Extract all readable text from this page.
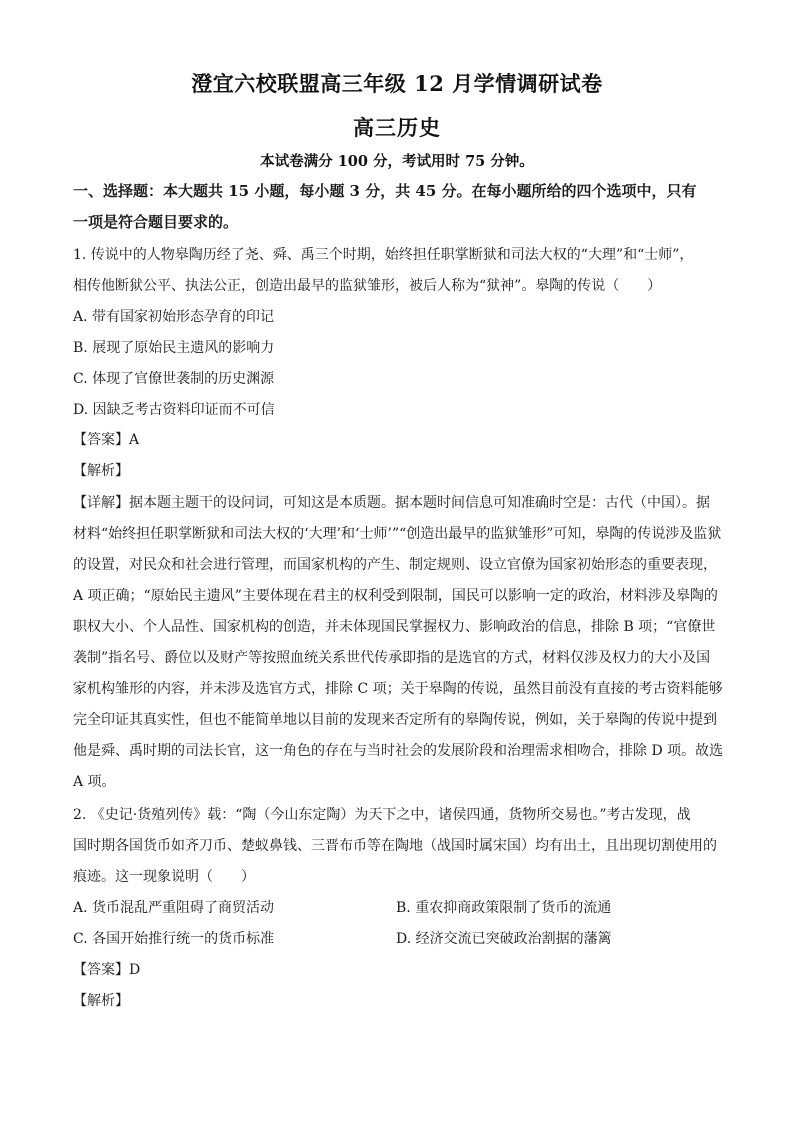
澄宜六校联盟高三年级 12 月学情调研试卷
高三历史
本试卷满分 100 分，考试用时 75 分钟。
一、选择题：本大题共 15 小题，每小题 3 分，共 45 分。在每小题所给的四个选项中，只有
一项是符合题目要求的。
1. 传说中的人物皋陶历经了尧、舜、禹三个时期，始终担任职掌断狱和司法大权的“大理”和“士师”，
相传他断狱公平、执法公正，创造出最早的监狱雏形，被后人称为“狱神”。皋陶的传说（　　）
A. 带有国家初始形态孕育的印记
B. 展现了原始民主遗风的影响力
C. 体现了官僚世袭制的历史渊源
D. 因缺乏考古资料印证而不可信
【答案】A
【解析】
【详解】据本题主题干的设问词，可知这是本质题。据本题时间信息可知准确时空是：古代（中国）。据
材料“始终担任职掌断狱和司法大权的‘大理’和‘士师’”“创造出最早的监狱雏形”可知，皋陶的传说涉及监狱
的设置，对民众和社会进行管理，而国家机构的产生、制定规则、设立官僚为国家初始形态的重要表现，
A 项正确；“原始民主遗风”主要体现在君主的权利受到限制，国民可以影响一定的政治，材料涉及皋陶的
职权大小、个人品性、国家机构的创造，并未体现国民掌握权力、影响政治的信息，排除 B 项；“官僚世
袭制”指名号、爵位以及财产等按照血统关系世代传承即指的是选官的方式，材料仅涉及权力的大小及国
家机构雏形的内容，并未涉及选官方式，排除 C 项；关于皋陶的传说，虽然目前没有直接的考古资料能够
完全印证其真实性，但也不能简单地以目前的发现来否定所有的皋陶传说，例如，关于皋陶的传说中提到
他是舜、禹时期的司法长官，这一角色的存在与当时社会的发展阶段和治理需求相吻合，排除 D 项。故选
A 项。
2. 《史记·货殖列传》载：“陶（今山东定陶）为天下之中，诸侯四通，货物所交易也。”考古发现，战
国时期各国货币如齐刀币、楚蚁鼻钱、三晋布币等在陶地（战国时属宋国）均有出土，且出现切割使用的
痕迹。这一现象说明（　　）
A. 货币混乱严重阻碍了商贸活动	B. 重农抑商政策限制了货币的流通
C. 各国开始推行统一的货币标准	D. 经济交流已突破政治割据的藩篱
【答案】D
【解析】
